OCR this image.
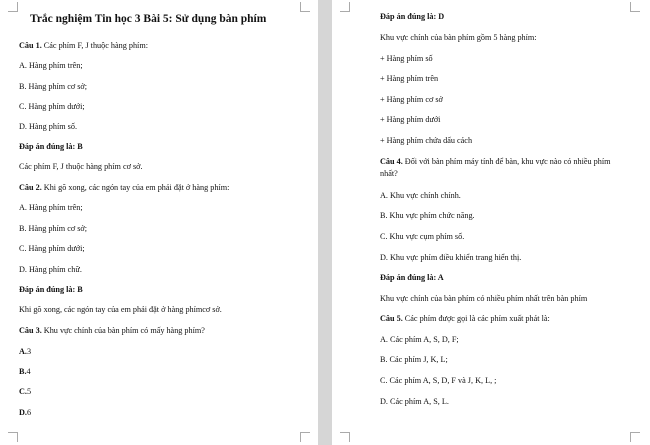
Trắc nghiệm Tin học 3 Bài 5: Sử dụng bàn phím
Câu 1. Các phím F, J thuộc hàng phím:
A. Hàng phím trên;
B. Hàng phím cơ sở;
C. Hàng phím dưới;
D. Hàng phím số.
Đáp án đúng là: B
Các phím F, J thuộc hàng phím cơ sở.
Câu 2. Khi gõ xong, các ngón tay của em phải đặt ở hàng phím:
A. Hàng phím trên;
B. Hàng phím cơ sở;
C. Hàng phím dưới;
D. Hàng phím chữ.
Đáp án đúng là: B
Khi gõ xong, các ngón tay của em phải đặt ở hàng phímcơ sở.
Câu 3. Khu vực chính của bàn phím có mấy hàng phím?
A.3
B.4
C.5
D.6
Đáp án đúng là: D
Khu vực chính của bàn phím gồm 5 hàng phím:
+ Hàng phím số
+ Hàng phím trên
+ Hàng phím cơ sở
+ Hàng phím dưới
+ Hàng phím chứa dấu cách
Câu 4. Đối với bàn phím máy tính để bàn, khu vực nào có nhiều phím
nhất?
A. Khu vực chính chính.
B. Khu vực phím chức năng.
C. Khu vực cụm phím số.
D. Khu vực phím điều khiển trang hiển thị.
Đáp án đúng là: A
Khu vực chính của bàn phím có nhiều phím nhất trên bàn phím
Câu 5. Các phím được gọi là các phím xuất phát là:
A. Các phím A, S, D, F;
B. Các phím J, K, L;
C. Các phím A, S, D, F và J, K, L, ;
D. Các phím A, S, L.
